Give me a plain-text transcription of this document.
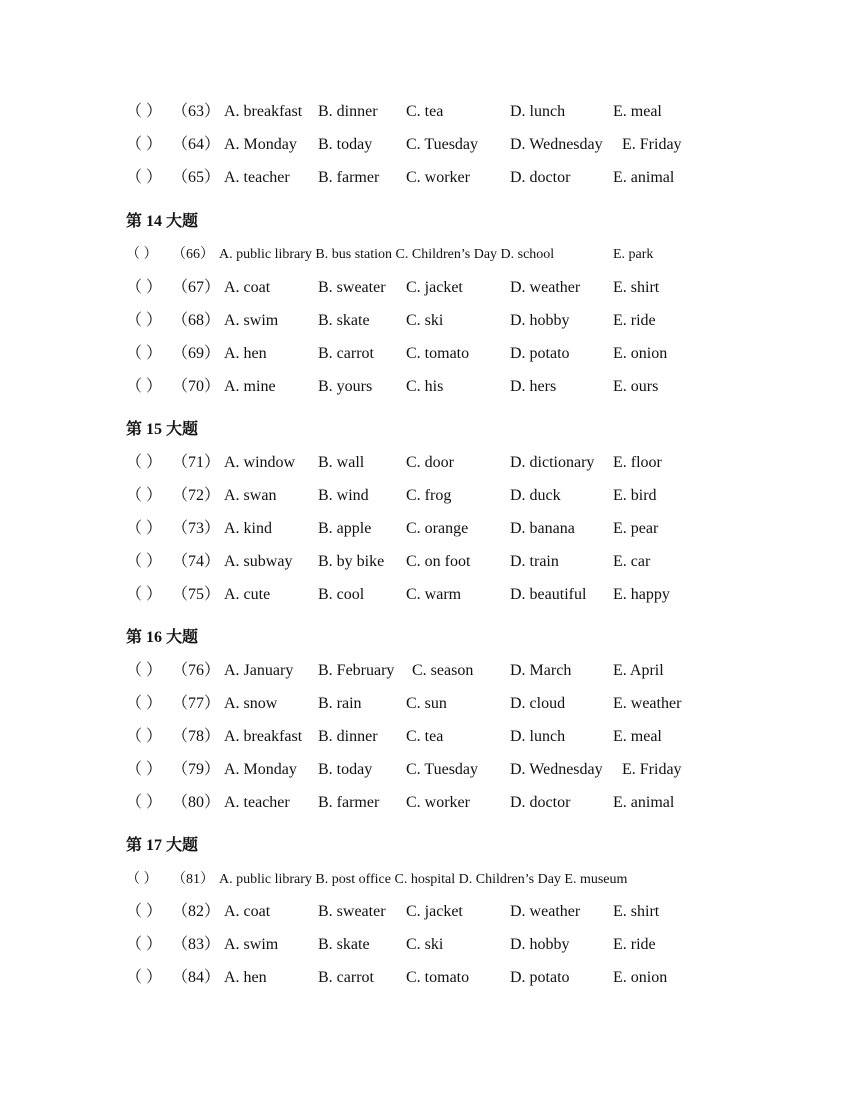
（ ） （63） A. breakfast B. dinner C. tea	D. lunch	E. meal
（ ） （64） A. Monday B. today C. Tuesday D. Wednesday E. Friday
（ ） （65） A. teacher B. farmer C. worker	D. doctor	E. animal
第 14 大题
（ ） （66） A. public library B. bus station C. Children’s Day D. school	E. park
（ ） （67） A. coat	B. sweater C. jacket	D. weather E. shirt
（ ） （68） A. swim B. skate C. ski	D. hobby	E. ride
（ ） （69） A. hen	B. carrot C. tomato	D. potato	E. onion
（ ） （70） A. mine	B. yours C. his	D. hers	E. ours
第 15 大题
（ ） （71） A. window B. wall	C. door	D. dictionary E. floor
（ ） （72） A. swan	B. wind C. frog	D. duck	E. bird
（ ） （73） A. kind	B. apple C. orange	D. banana E. pear
（ ） （74） A. subway B. by bike C. on foot D. train	E. car
（ ） （75） A. cute	B. cool	C. warm	D. beautiful E. happy
第 16 大题
（ ） （76） A. January B. February C. season D. March	E. April
（ ） （77） A. snow	B. rain	C. sun	D. cloud	E. weather
（ ） （78） A. breakfast B. dinner C. tea	D. lunch	E. meal
（ ） （79） A. Monday B. today C. Tuesday D. Wednesday E. Friday
（ ） （80） A. teacher B. farmer C. worker	D. doctor	E. animal
第 17 大题
（ ） （81） A. public library B. post office C. hospital D. Children’s Day E. museum
（ ） （82） A. coat	B. sweater C. jacket	D. weather E. shirt
（ ） （83） A. swim B. skate C. ski	D. hobby	E. ride
（ ） （84） A. hen	B. carrot C. tomato	D. potato	E. onion
